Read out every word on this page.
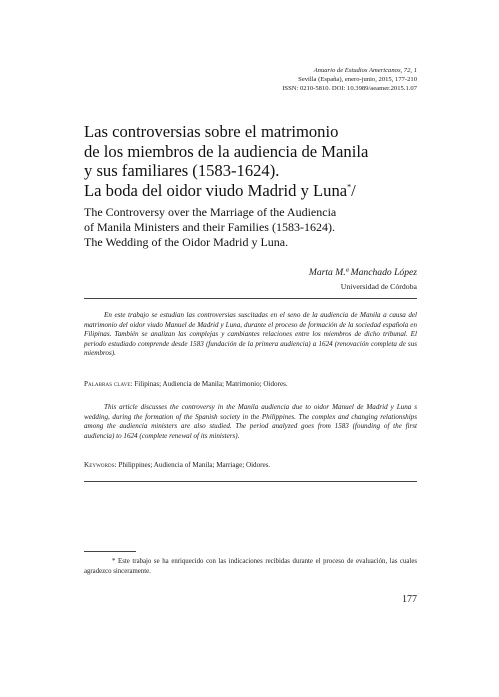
Anuario de Estudios Americanos, 72, 1
Sevilla (España), enero-junio, 2015, 177-210
ISSN: 0210-5810. DOI: 10.3989/aeamer.2015.1.07
Las controversias sobre el matrimonio
de los miembros de la audiencia de Manila
y sus familiares (1583-1624).
La boda del oidor viudo Madrid y Luna*/
The Controversy over the Marriage of the Audiencia
of Manila Ministers and their Families (1583-1624).
The Wedding of the Oidor Madrid y Luna.
Marta M.ª Manchado López
Universidad de Córdoba

En este trabajo se estudian las controversias suscitadas en el seno de la audiencia de Manila a causa del matrimonio del oidor viudo Manuel de Madrid y Luna, durante el proceso de formación de la sociedad española en Filipinas. También se analizan las complejas y cambiantes relaciones entre los miembros de dicho tribunal. El periodo estudiado comprende desde 1583 (fundación de la primera audiencia) a 1624 (renovación completa de sus miembros).

Palabras clave: Filipinas; Audiencia de Manila; Matrimonio; Oidores.

This article discusses the controversy in the Manila audiencia due to oidor Manuel de Madrid y Luna s wedding, during the formation of the Spanish society in the Philippines. The complex and changing relationships among the audiencia ministers are also studied. The period analyzed goes from 1583 (founding of the first audiencia) to 1624 (complete renewal of its ministers).

Keywords: Philippines; Audiencia of Manila; Marriage; Oidores.

* Este trabajo se ha enriquecido con las indicaciones recibidas durante el proceso de evaluación, las cuales agradezco sinceramente.

177
